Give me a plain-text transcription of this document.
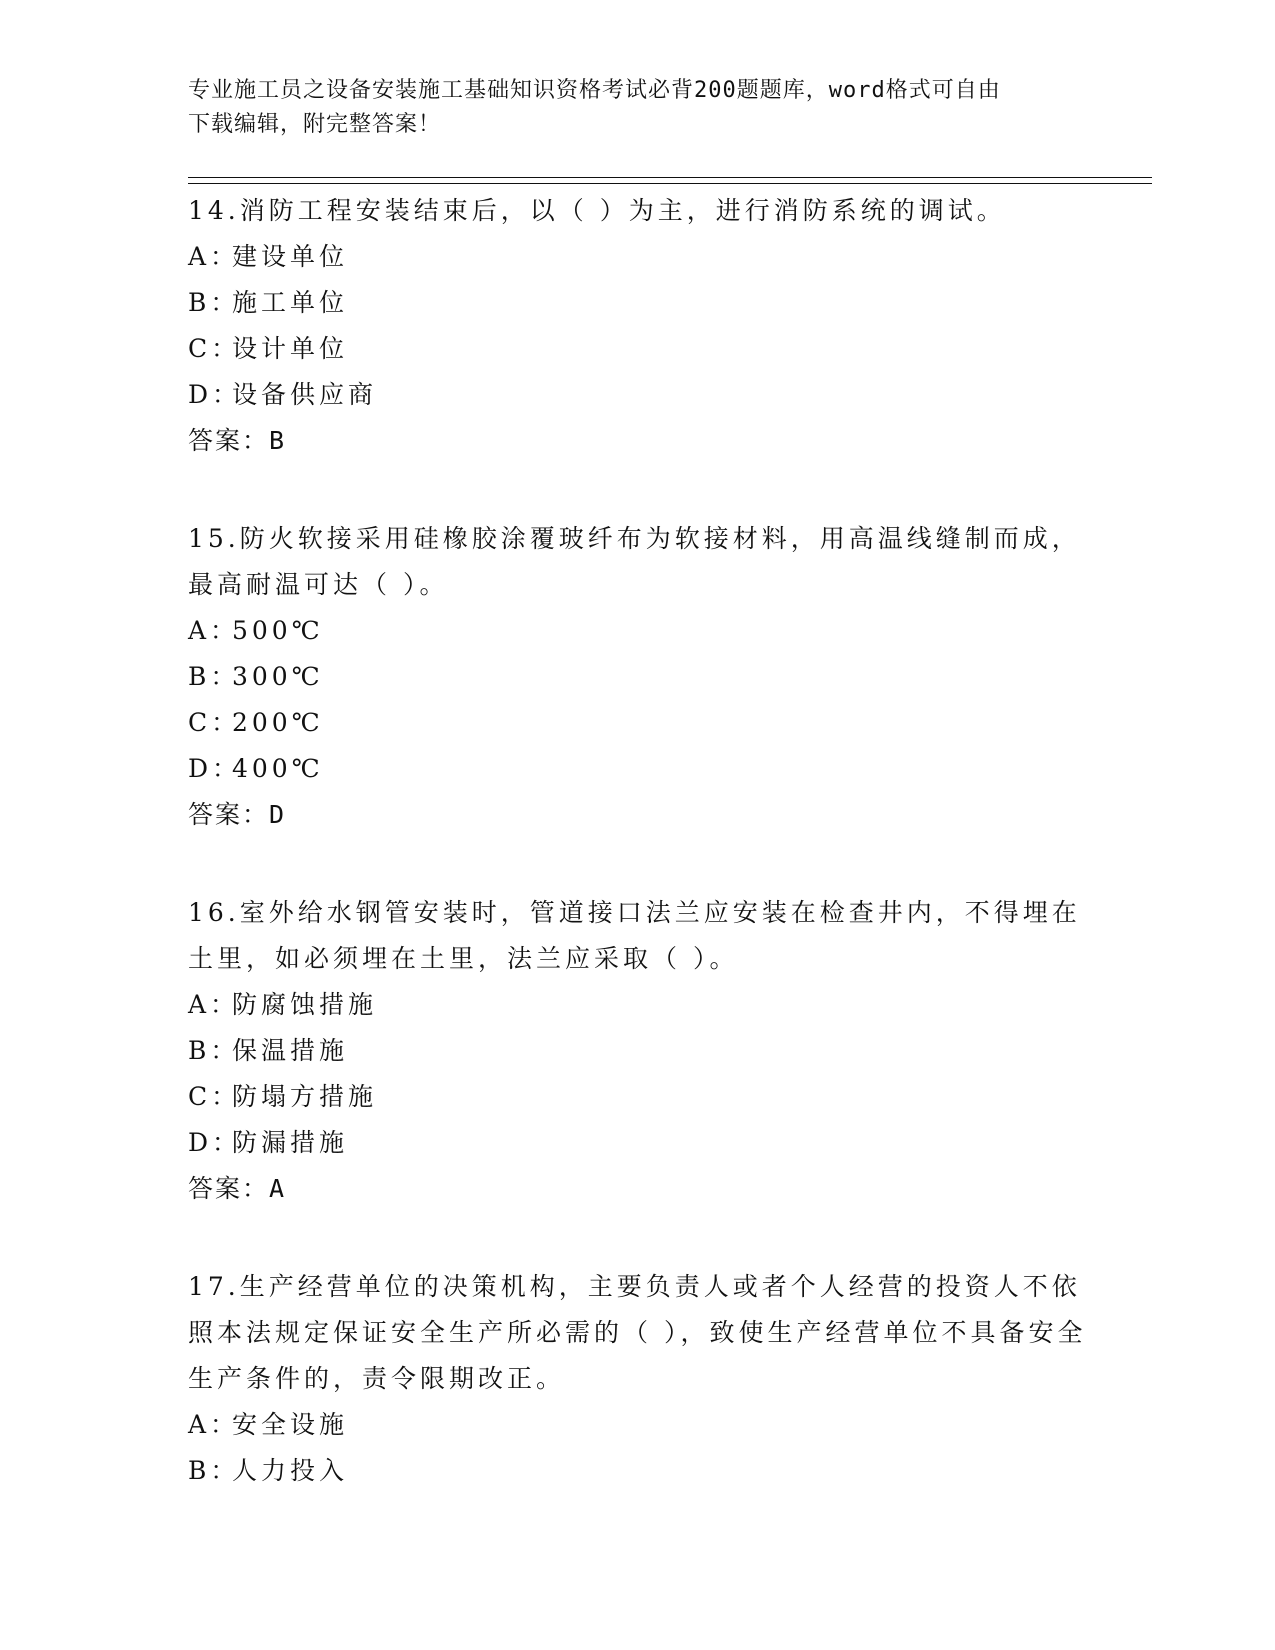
专业施工员之设备安装施工基础知识资格考试必背200题题库，word格式可自由
下载编辑，附完整答案！
14.消防工程安装结束后，以（ ）为主，进行消防系统的调试。
A：建设单位
B：施工单位
C：设计单位
D：设备供应商
答案：B
15.防火软接采用硅橡胶涂覆玻纤布为软接材料，用高温线缝制而成，最高耐温可达（ ）。
A：500℃
B：300℃
C：200℃
D：400℃
答案：D
16.室外给水钢管安装时，管道接口法兰应安装在检查井内，不得埋在土里，如必须埋在土里，法兰应采取（ ）。
A：防腐蚀措施
B：保温措施
C：防塌方措施
D：防漏措施
答案：A
17.生产经营单位的决策机构，主要负责人或者个人经营的投资人不依照本法规定保证安全生产所必需的（ ），致使生产经营单位不具备安全生产条件的，责令限期改正。
A：安全设施
B：人力投入
